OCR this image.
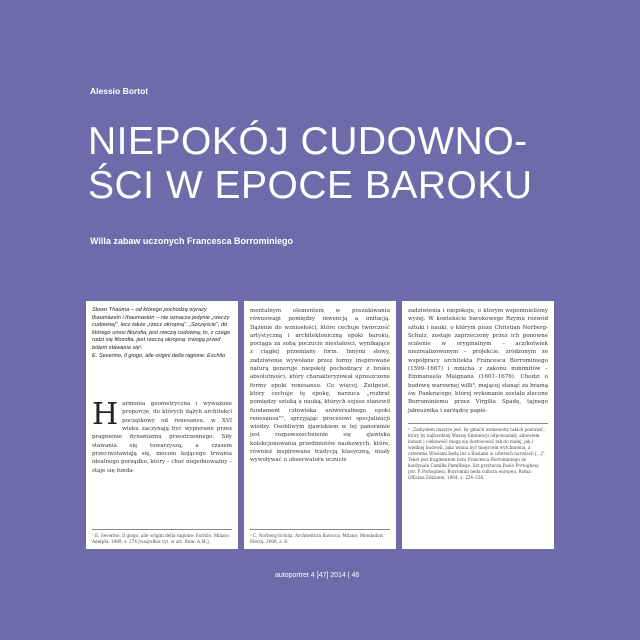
Alessio Bortot
NIEPOKÓJ CUDOWNO-
ŚCI W EPOCE BAROKU
Willa zabaw uczonych Francesca Borrominiego
Słowo Thaùma – od którego pochodzą wyrazy thaumàzein i thaumastón – nie oznacza jedynie „rzeczy cudownej”, lecz także „rzecz okropną”. „Szczęście”, do którego unosi filozofia, jest rzeczą cudowną; to, z czego rodzi się filozofia, jest rzeczą okropną: trwogą przed bólem stawania się¹.
E. Severino, Il giogo, alle origini della ragione: Eschilo
H armonia geometryczna i wyważone proporcje, do których dążyli architekci początkowy od renesansu, w XVI wieku zaczynają być wypierane przez pragnienie dynamizmu przestrzennego. Siły stawania się towarzyszą, a czasem przeciwstawiają się, mocom kojącego trwania idealnego porządku, który – choć niejednoważny – staje się funda-

¹ E. Severino, Il giogo, alle origini della ragione: Eschilo, Milano: Adelphi, 1989, s. 274 [wszystkie cyt. w art. tłum. A.M.].

mentalnym elementem w poszukiwaniu równowagi pomiędzy inwencją a imitacją. Dążenie do wzniosłości, które cechuje twórczość artystyczną i architektoniczną epoki baroku, pociąga za sobą poczucie niestałości, wynikające z ciągłej przemiany form. Innymi słowy, zadziwienie wywołane przez formy inspirowane naturą generuje niepokój pochodzący z braku absolutności, który charakteryzował uproszczone formy epoki renesansu. Co więcej, Zeitgeist, który cechuje tę epokę, narzuca „rozbrat pomiędzy sztuką a nauką, których sojusz stanowił fundament człowieka uniwersalnego epoki renesansu”², sprzyjając procesowi specjalizacji wiedzy. Osobliwym zjawiskiem w tej panoramie jest rozpowszechnienie się zjawiska kolekcjonowania przedmiotów naukowych, które, również inspirowane tradycją klasyczną, miały wywoływać u obserwatora uczucie

² C. Norberg-Schulz, Architettura Barocca, Milano: Mondadori Electa, 2008, s. 8.

zadziwienia i niepokoju, o którym wspomnieliśmy wyżej. W kontekście barokowego Rzymu rozwód sztuki i nauki, o którym pisze Christian Norberg-Schulz, zostaje zaprzeczony przez ich ponowne scalenie w oryginalnym – acz/kolwiek niezrealizowanym – projekcie, zrodzonym ze współpracy architekta Francesca Borrominiego (1599–1667) i mnicha z zakonu minimitów – Emmanuela Maignana (1601–1676). Chodzi o budowę warownej willi³, mającej stanąć za bramą św. Pankracego, której wykonanie zostało zlecone Borrominiemu przez Virgilia Spadę, tajnego jałmużnika i zarządcę papie-

³ „Zamysłem naszym jest, by gmach wzniesiony takich postawić, który by najbardziej Waszej Eminencji odpowiadały, albowiem kunszt i ciekawość mogą się dostosować tak do małej, jak i wielkiej budowli, jaka winna być miejscem wytchnienia, z czterema Wieżami będą też z Bastami w czterech narożach […]”. Tekst jest fragmentem listu Francesca Borrominiego do kardynała Camilla Pamfiliego; list przytacza Paolo Portoghesi, por. P. Portoghesi, Borromini nella cultura europea, Roma: Officina Edizione, 1964, s. 224–226.
autoportret 4 [47] 2014 | 46
